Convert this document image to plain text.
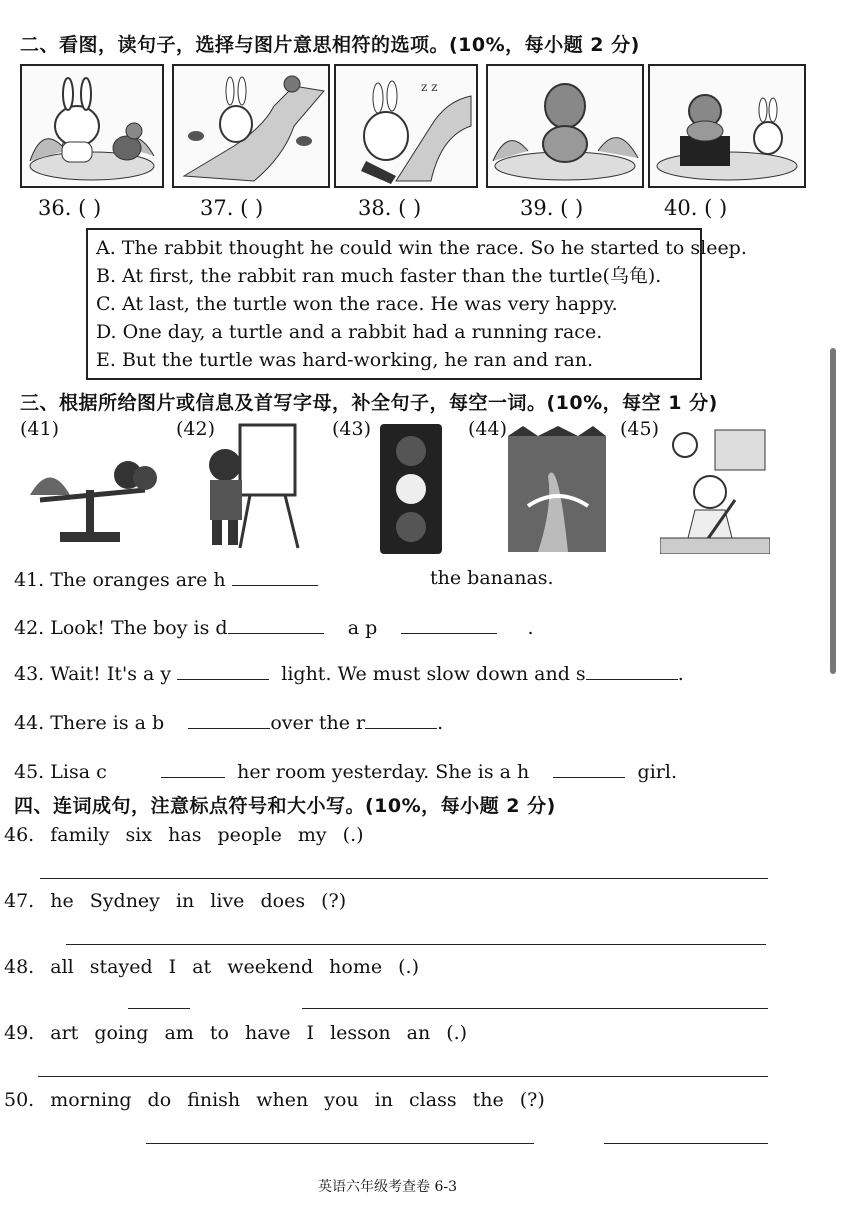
二、看图，读句子，选择与图片意思相符的选项。(10%，每小题 2 分)
z z
36. ( )	37. ( )	38. ( )	39. ( )	40. ( )
A. The rabbit thought he could win the race. So he started to sleep.
B. At first, the rabbit ran much faster than the turtle(乌龟).
C. At last, the turtle won the race. He was very happy.
D. One day, a turtle and a rabbit had a running race.
E. But the turtle was hard-working, he ran and ran.
三、根据所给图片或信息及首写字母，补全句子，每空一词。(10%，每空 1 分)
(41)	(42)	(43)	(44)	(45)
41. The oranges are h	the bananas.
42. Look! The boy is d	a p	.
43. Wait! It's a y	light. We must slow down and s	.
44. There is a b	over the r	.
45. Lisa c	her room yesterday. She is a h	girl.
四、连词成句，注意标点符号和大小写。(10%，每小题 2 分)
46. family six has people my (.)
47. he Sydney in live does (?)
48. all stayed I at weekend home (.)
49. art going am to have I lesson an (.)
50. morning do finish when you in class the (?)
英语六年级考查卷 6-3
